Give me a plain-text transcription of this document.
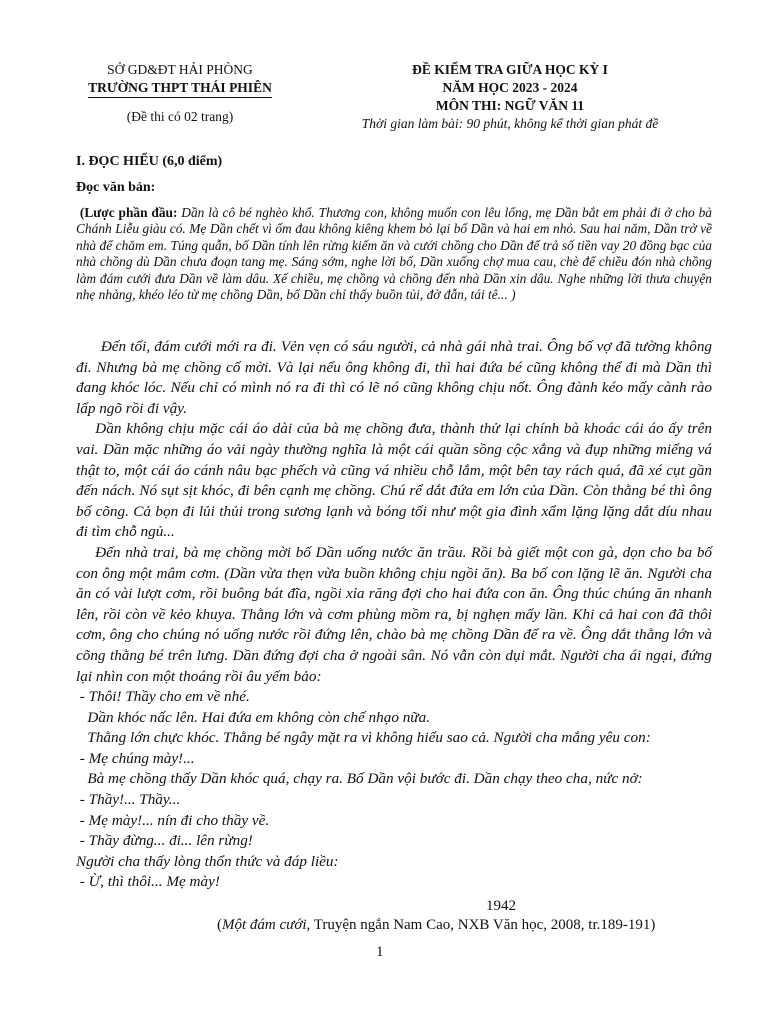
SỞ GD&ĐT HẢI PHÒNG
TRƯỜNG THPT THÁI PHIÊN
(Đề thi có 02 trang)
ĐỀ KIỂM TRA GIỮA HỌC KỲ I
NĂM HỌC 2023 - 2024
MÔN THI: NGỮ VĂN 11
Thời gian làm bài: 90 phút, không kể thời gian phát đề
I. ĐỌC HIỂU (6,0 điểm)
Đọc văn bản:
(Lược phần đầu: Dần là cô bé nghèo khổ. Thương con, không muốn con lêu lổng, mẹ Dần bắt em phải đi ở cho bà Chánh Liễu giàu có. Mẹ Dần chết vì ốm đau không kiêng khem bỏ lại bố Dần và hai em nhỏ. Sau hai năm, Dần trở về nhà để chăm em. Túng quẫn, bố Dần tính lên rừng kiếm ăn và cưới chồng cho Dần để trả số tiền vay 20 đồng bạc của nhà chồng dù Dần chưa đoạn tang mẹ. Sáng sớm, nghe lời bố, Dần xuống chợ mua cau, chè để chiều đón nhà chồng làm đám cưới đưa Dần về làm dâu. Xế chiều, mẹ chồng và chồng đến nhà Dần xin dâu. Nghe những lời thưa chuyện nhẹ nhàng, khéo léo từ mẹ chồng Dần, bố Dần chỉ thấy buồn tủi, đờ đẫn, tái tê... )

Đến tối, đám cưới mới ra đi. Vẻn vẹn có sáu người, cả nhà gái nhà trai. Ông bố vợ đã tường không đi. Nhưng bà mẹ chồng cố mời. Và lại nếu ông không đi, thì hai đứa bé cũng không thể đi mà Dần thì đang khóc lóc. Nếu chỉ có mình nó ra đi thì có lẽ nó cũng không chịu nốt. Ông đành kéo mấy cành rào lấp ngõ rồi đi vậy.

Dần không chịu mặc cái áo dài của bà mẹ chồng đưa, thành thử lại chính bà khoác cái áo ấy trên vai. Dần mặc những áo vải ngày thường nghĩa là một cái quần sồng cộc xẳng và đụp những miếng vá thật to, một cái áo cánh nâu bạc phếch và cũng vá nhiều chỗ lắm, một bên tay rách quá, đã xé cụt gần đến nách. Nó sụt sịt khóc, đi bên cạnh mẹ chồng. Chú rể dắt đứa em lớn của Dần. Còn thằng bé thì ông bố cõng. Cả bọn đi lủi thủi trong sương lạnh và bóng tối như một gia đình xẩm lặng lặng dắt díu nhau đi tìm chỗ ngủ...

Đến nhà trai, bà mẹ chồng mời bố Dần uống nước ăn trầu. Rồi bà giết một con gà, dọn cho ba bố con ông một mâm cơm. (Dần vừa thẹn vừa buồn không chịu ngồi ăn). Ba bố con lặng lẽ ăn. Người cha ăn có vài lượt cơm, rồi buông bát đĩa, ngồi xỉa răng đợi cho hai đứa con ăn. Ông thúc chúng ăn nhanh lên, rồi còn về kẻo khuya. Thằng lớn và cơm phùng mồm ra, bị nghẹn mấy lần. Khi cả hai con đã thôi cơm, ông cho chúng nó uống nước rồi đứng lên, chào bà mẹ chồng Dần để ra về. Ông dắt thằng lớn và cõng thằng bé trên lưng. Dần đứng đợi cha ở ngoài sân. Nó vẫn còn dụi mắt. Người cha ái ngại, đứng lại nhìn con một thoáng rồi âu yếm bảo:

- Thôi! Thầy cho em về nhé.

Dần khóc nấc lên. Hai đứa em không còn chế nhạo nữa.

Thằng lớn chực khóc. Thằng bé ngây mặt ra vì không hiểu sao cả. Người cha mắng yêu con:

- Mẹ chúng mày!...

Bà mẹ chồng thấy Dần khóc quá, chạy ra. Bố Dần vội bước đi. Dần chạy theo cha, nức nở:

- Thầy!... Thầy...

- Mẹ mày!... nín đi cho thầy về.

- Thầy đừng... đi... lên rừng!

Người cha thấy lòng thổn thức và đáp liều:

- Ừ, thì thôi... Mẹ mày!

1942
(Một đám cưới, Truyện ngắn Nam Cao, NXB Văn học, 2008, tr.189-191)
1
